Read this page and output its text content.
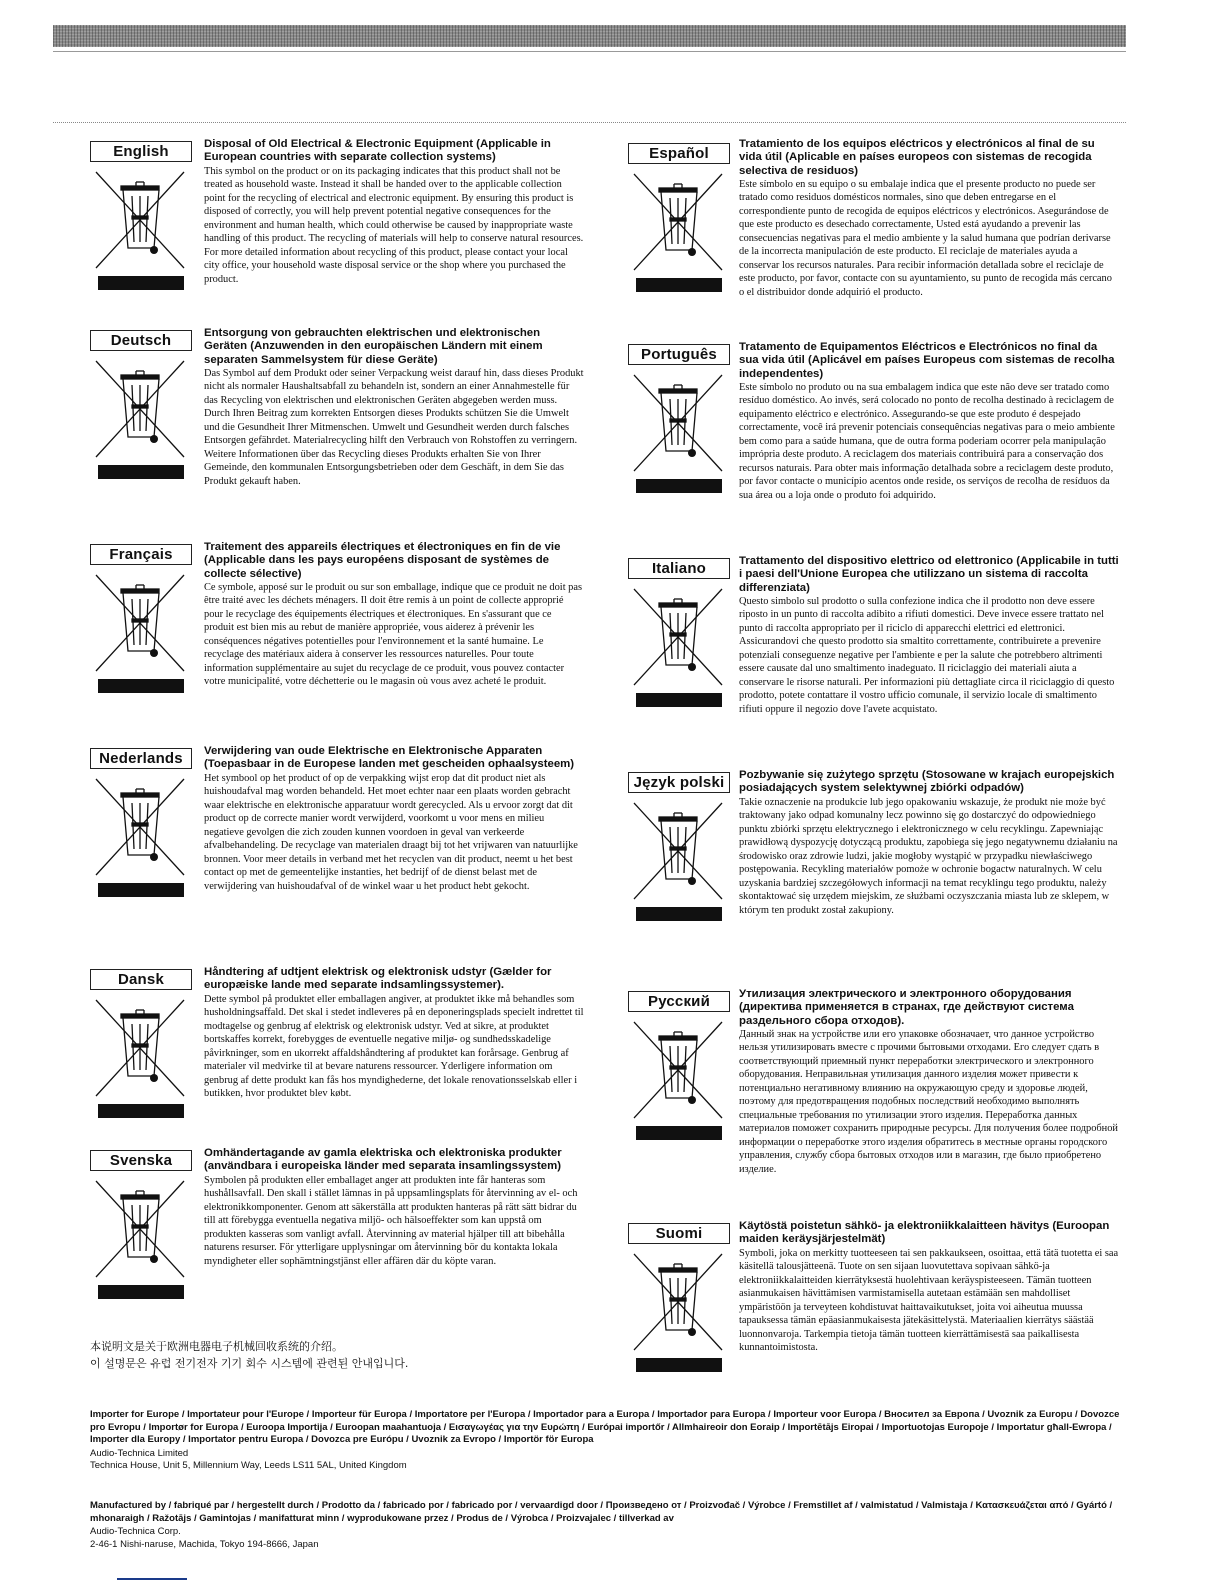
English	Disposal of Old Electrical & Electronic Equipment (Applicable in European countries with separate collection systems)

This symbol on the product or on its packaging indicates that this product shall not be treated as household waste. Instead it shall be handed over to the applicable collection point for the recycling of electrical and electronic equipment. By ensuring this product is disposed of correctly, you will help prevent potential negative consequences for the environment and human health, which could otherwise be caused by inappropriate waste handling of this product. The recycling of materials will help to conserve natural resources. For more detailed information about recycling of this product, please contact your local city office, your household waste disposal service or the shop where you purchased the product.

Deutsch	Entsorgung von gebrauchten elektrischen und elektronischen Geräten (Anzuwenden in den europäischen Ländern mit einem separaten Sammelsystem für diese Geräte)

Das Symbol auf dem Produkt oder seiner Verpackung weist darauf hin, dass dieses Produkt nicht als normaler Haushaltsabfall zu behandeln ist, sondern an einer Annahmestelle für das Recycling von elektrischen und elektronischen Geräten abgegeben werden muss. Durch Ihren Beitrag zum korrekten Entsorgen dieses Produkts schützen Sie die Umwelt und die Gesundheit Ihrer Mitmenschen. Umwelt und Gesundheit werden durch falsches Entsorgen gefährdet. Materialrecycling hilft den Verbrauch von Rohstoffen zu verringern. Weitere Informationen über das Recycling dieses Produkts erhalten Sie von Ihrer Gemeinde, den kommunalen Entsorgungsbetrieben oder dem Geschäft, in dem Sie das Produkt gekauft haben.

Français	Traitement des appareils électriques et électroniques en fin de vie (Applicable dans les pays européens disposant de systèmes de collecte sélective)

Ce symbole, apposé sur le produit ou sur son emballage, indique que ce produit ne doit pas être traité avec les déchets ménagers. Il doit être remis à un point de collecte approprié pour le recyclage des équipements électriques et électroniques. En s'assurant que ce produit est bien mis au rebut de manière appropriée, vous aiderez à prévenir les conséquences négatives potentielles pour l'environnement et la santé humaine. Le recyclage des matériaux aidera à conserver les ressources naturelles. Pour toute information supplémentaire au sujet du recyclage de ce produit, vous pouvez contacter votre municipalité, votre déchetterie ou le magasin où vous avez acheté le produit.

Nederlands	Verwijdering van oude Elektrische en Elektronische Apparaten (Toepasbaar in de Europese landen met gescheiden ophaalsysteem)

Het symbool op het product of op de verpakking wijst erop dat dit product niet als huishoudafval mag worden behandeld. Het moet echter naar een plaats worden gebracht waar elektrische en elektronische apparatuur wordt gerecycled. Als u ervoor zorgt dat dit product op de correcte manier wordt verwijderd, voorkomt u voor mens en milieu negatieve gevolgen die zich zouden kunnen voordoen in geval van verkeerde afvalbehandeling. De recyclage van materialen draagt bij tot het vrijwaren van natuurlijke bronnen. Voor meer details in verband met het recyclen van dit product, neemt u het best contact op met de gemeentelijke instanties, het bedrijf of de dienst belast met de verwijdering van huishoudafval of de winkel waar u het product hebt gekocht.

Dansk	Håndtering af udtjent elektrisk og elektronisk udstyr (Gælder for europæiske lande med separate indsamlingssystemer).

Dette symbol på produktet eller emballagen angiver, at produktet ikke må behandles som husholdningsaffald. Det skal i stedet indleveres på en deponeringsplads specielt indrettet til modtagelse og genbrug af elektrisk og elektronisk udstyr. Ved at sikre, at produktet bortskaffes korrekt, forebygges de eventuelle negative miljø- og sundhedsskadelige påvirkninger, som en ukorrekt affaldshåndtering af produktet kan forårsage. Genbrug af materialer vil medvirke til at bevare naturens ressourcer. Yderligere information om genbrug af dette produkt kan fås hos myndighederne, det lokale renovationsselskab eller i butikken, hvor produktet blev købt.

Svenska	Omhändertagande av gamla elektriska och elektroniska produkter (användbara i europeiska länder med separata insamlingssystem)

Symbolen på produkten eller emballaget anger att produkten inte får hanteras som hushållsavfall. Den skall i stället lämnas in på uppsamlingsplats för återvinning av el- och elektronikkomponenter. Genom att säkerställa att produkten hanteras på rätt sätt bidrar du till att förebygga eventuella negativa miljö- och hälsoeffekter som kan uppstå om produkten kasseras som vanligt avfall. Återvinning av material hjälper till att bibehålla naturens resurser. För ytterligare upplysningar om återvinning bör du kontakta lokala myndigheter eller sophämtningstjänst eller affären där du köpte varan.

Español

Tratamiento de los equipos eléctricos y electrónicos al final de su vida útil (Aplicable en países europeos con sistemas de recogida selectiva de residuos)

Este símbolo en su equipo o su embalaje indica que el presente producto no puede ser tratado como residuos domésticos normales, sino que deben entregarse en el correspondiente punto de recogida de equipos eléctricos y electrónicos. Asegurándose de que este producto es desechado correctamente, Usted está ayudando a prevenir las consecuencias negativas para el medio ambiente y la salud humana que podrían derivarse de la incorrecta manipulación de este producto. El reciclaje de materiales ayuda a conservar los recursos naturales. Para recibir información detallada sobre el reciclaje de este producto, por favor, contacte con su ayuntamiento, su punto de recogida más cercano o el distribuidor donde adquirió el producto.

Português	Tratamento de Equipamentos Eléctricos e Electrónicos no final da sua vida útil (Aplicável em países Europeus com sistemas de recolha independentes)

Este símbolo no produto ou na sua embalagem indica que este não deve ser tratado como resíduo doméstico. Ao invés, será colocado no ponto de recolha destinado à reciclagem de equipamento eléctrico e electrónico. Assegurando-se que este produto é despejado correctamente, você irá prevenir potenciais consequências negativas para o meio ambiente bem como para a saúde humana, que de outra forma poderiam ocorrer pela manipulação imprópria deste produto. A reciclagem dos materiais contribuirá para a conservação dos recursos naturais. Para obter mais informação detalhada sobre a reciclagem deste produto, por favor contacte o município acentos onde reside, os serviços de recolha de resíduos da sua área ou a loja onde o produto foi adquirido.

Italiano	Trattamento del dispositivo elettrico od elettronico (Applicabile in tutti i paesi dell'Unione Europea che utilizzano un sistema di raccolta differenziata)

Questo simbolo sul prodotto o sulla confezione indica che il prodotto non deve essere riposto in un punto di raccolta adibito a rifiuti domestici. Deve invece essere trattato nel punto di raccolta appropriato per il riciclo di apparecchi elettrici ed elettronici. Assicurandovi che questo prodotto sia smaltito correttamente, contribuirete a prevenire potenziali conseguenze negative per l'ambiente e per la salute che potrebbero altrimenti essere causate dal uno smaltimento inadeguato. Il riciclaggio dei materiali aiuta a conservare le risorse naturali. Per informazioni più dettagliate circa il riciclaggio di questo prodotto, potete contattare il vostro ufficio comunale, il servizio locale di smaltimento rifiuti oppure il negozio dove l'avete acquistato.

Język polski	Pozbywanie się zużytego sprzętu (Stosowane w krajach europejskich posiadających system selektywnej zbiórki odpadów)

Takie oznaczenie na produkcie lub jego opakowaniu wskazuje, że produkt nie może być traktowany jako odpad komunalny lecz powinno się go dostarczyć do odpowiedniego punktu zbiórki sprzętu elektrycznego i elektronicznego w celu recyklingu. Zapewniając prawidłową dyspozycję dotyczącą produktu, zapobiega się jego negatywnemu działaniu na środowisko oraz zdrowie ludzi, jakie mogłoby wystąpić w przypadku niewłaściwego postępowania. Recykling materiałów pomoże w ochronie bogactw naturalnych. W celu uzyskania bardziej szczegółowych informacji na temat recyklingu tego produktu, należy skontaktować się urzędem miejskim, ze służbami oczyszczania miasta lub ze sklepem, w którym ten produkt został zakupiony.

Русский	Утилизация электрического и электронного оборудования (директива применяется в странах, где действуют система раздельного сбора отходов).

Данный знак на устройстве или его упаковке обозначает, что данное устройство нельзя утилизировать вместе с прочими бытовыми отходами. Его следует сдать в соответствующий приемный пункт переработки электрического и электронного оборудования. Неправильная утилизация данного изделия может привести к потенциально негативному влиянию на окружающую среду и здоровье людей, поэтому для предотвращения подобных последствий необходимо выполнять специальные требования по утилизации этого изделия. Переработка данных материалов поможет сохранить природные ресурсы. Для получения более подробной информации о переработке этого изделия обратитесь в местные органы городского управления, службу сбора бытовых отходов или в магазин, где было приобретено изделие.

Suomi	Käytöstä poistetun sähkö- ja elektroniikkalaitteen hävitys (Euroopan maiden keräysjärjestelmät)

Symboli, joka on merkitty tuotteeseen tai sen pakkaukseen, osoittaa, että tätä tuotetta ei saa käsitellä talousjätteenä. Tuote on sen sijaan luovutettava sopivaan sähkö-ja elektroniikkalaitteiden kierrätyksestä huolehtivaan keräyspisteeseen. Tämän tuotteen asianmukaisen hävittämisen varmistamisella autetaan estämään sen mahdolliset ympäristöön ja terveyteen kohdistuvat haittavaikutukset, joita voi aiheutua muussa tapauksessa tämän epäasianmukaisesta jätekäsittelystä. Materiaalien kierrätys säästää luonnonvaroja. Tarkempia tietoja tämän tuotteen kierrättämisestä saa paikallisesta kunnantoimistosta.

本说明文是关于欧洲电器电子机械回收系统的介绍。
이 설명문은 유럽 전기전자 기기 회수 시스템에 관련된 안내입니다.

Importer for Europe / Importateur pour l'Europe / Importeur für Europa / Importatore per l'Europa / Importador para a Europa / Importador para Europa / Importeur voor Europa / Вноситeл за Евpoпa / Uvoznik za Europu / Dovozce pro Evropu / Importør for Europa / Euroopa Importija / Euroopan maahantuoja / Εισαγωγέας για την Ευρώπη / Európai importőr / Allmhaireoir don Eoraip / Importētājs Eiropai / Importuotojas Europoje / Importatur għall-Ewropa / Importer dla Europy / Importator pentru Europa / Dovozca pre Európu / Uvoznik za Evropo / Importör för Europa

Audio-Technica Limited

Technica House, Unit 5, Millennium Way, Leeds LS11 5AL, United Kingdom

Manufactured by / fabriqué par / hergestellt durch / Prodotto da / fabricado por / fabricado por / vervaardigd door / Произведено от / Proizvođač / Výrobce / Fremstillet af / valmistatud / Valmistaja / Κατασκευάζεται από / Gyártó / mhonaraigh / Ražotājs / Gamintojas / manifatturat minn / wyprodukowane przez / Produs de / Výrobca / Proizvajalec / tillverkad av

Audio-Technica Corp.

2-46-1 Nishi-naruse, Machida, Tokyo 194-8666, Japan
